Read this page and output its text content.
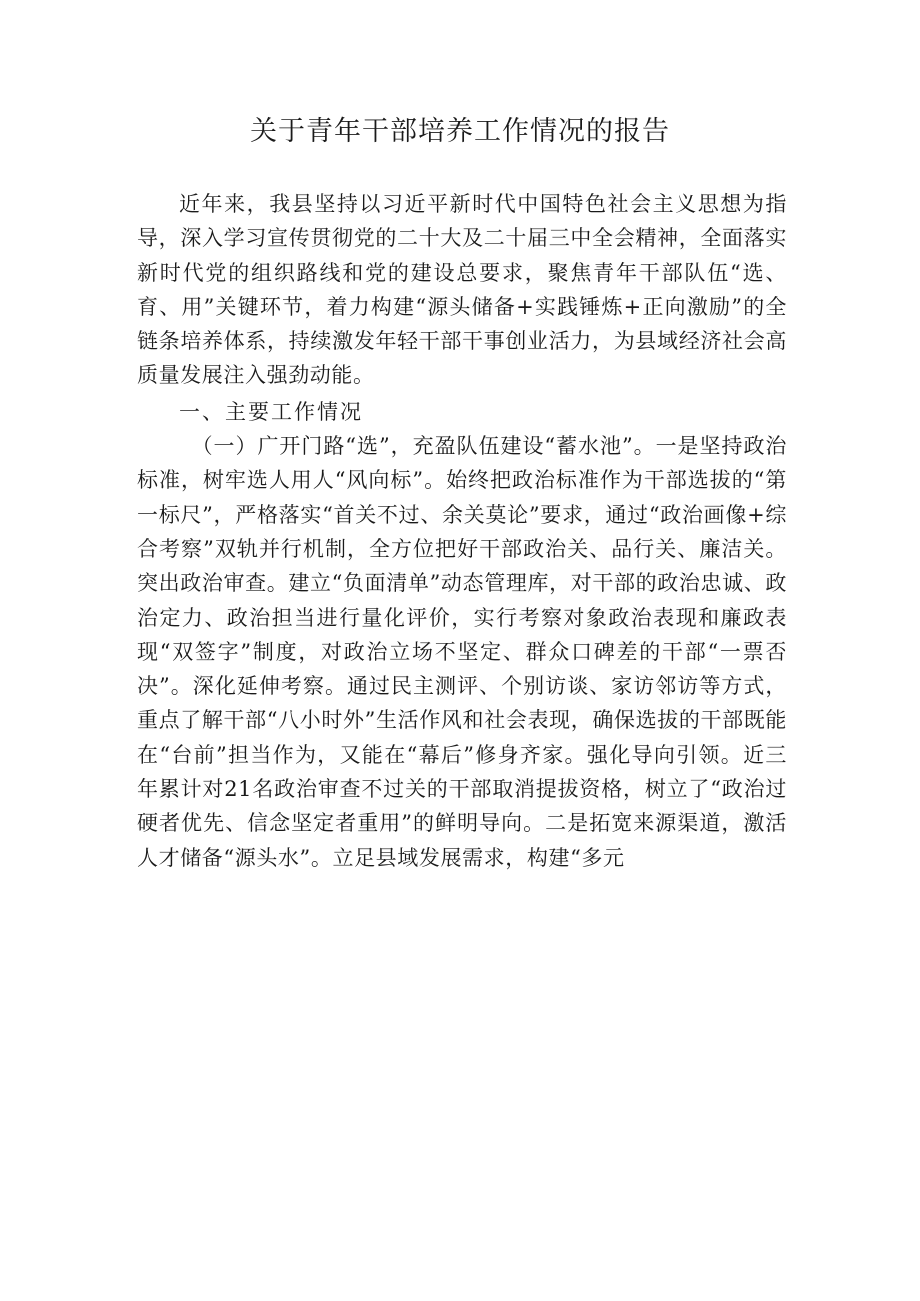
关于青年干部培养工作情况的报告

近年来，我县坚持以习近平新时代中国特色社会主义思想为指导，深入学习宣传贯彻党的二十大及二十届三中全会精神，全面落实新时代党的组织路线和党的建设总要求，聚焦青年干部队伍“选、育、用”关键环节，着力构建“源头储备+实践锤炼+正向激励”的全链条培养体系，持续激发年轻干部干事创业活力，为县域经济社会高质量发展注入强劲动能。

一、主要工作情况

（一）广开门路“选”，充盈队伍建设“蓄水池”。一是坚持政治标准，树牢选人用人“风向标”。始终把政治标准作为干部选拔的“第一标尺”，严格落实“首关不过、余关莫论”要求，通过“政治画像+综合考察”双轨并行机制，全方位把好干部政治关、品行关、廉洁关。突出政治审查。建立“负面清单”动态管理库，对干部的政治忠诚、政治定力、政治担当进行量化评价，实行考察对象政治表现和廉政表现“双签字”制度，对政治立场不坚定、群众口碑差的干部“一票否决”。深化延伸考察。通过民主测评、个别访谈、家访邻访等方式，重点了解干部“八小时外”生活作风和社会表现，确保选拔的干部既能在“台前”担当作为，又能在“幕后”修身齐家。强化导向引领。近三年累计对21名政治审查不过关的干部取消提拔资格，树立了“政治过硬者优先、信念坚定者重用”的鲜明导向。二是拓宽来源渠道，激活人才储备“源头水”。立足县域发展需求，构建“多元
